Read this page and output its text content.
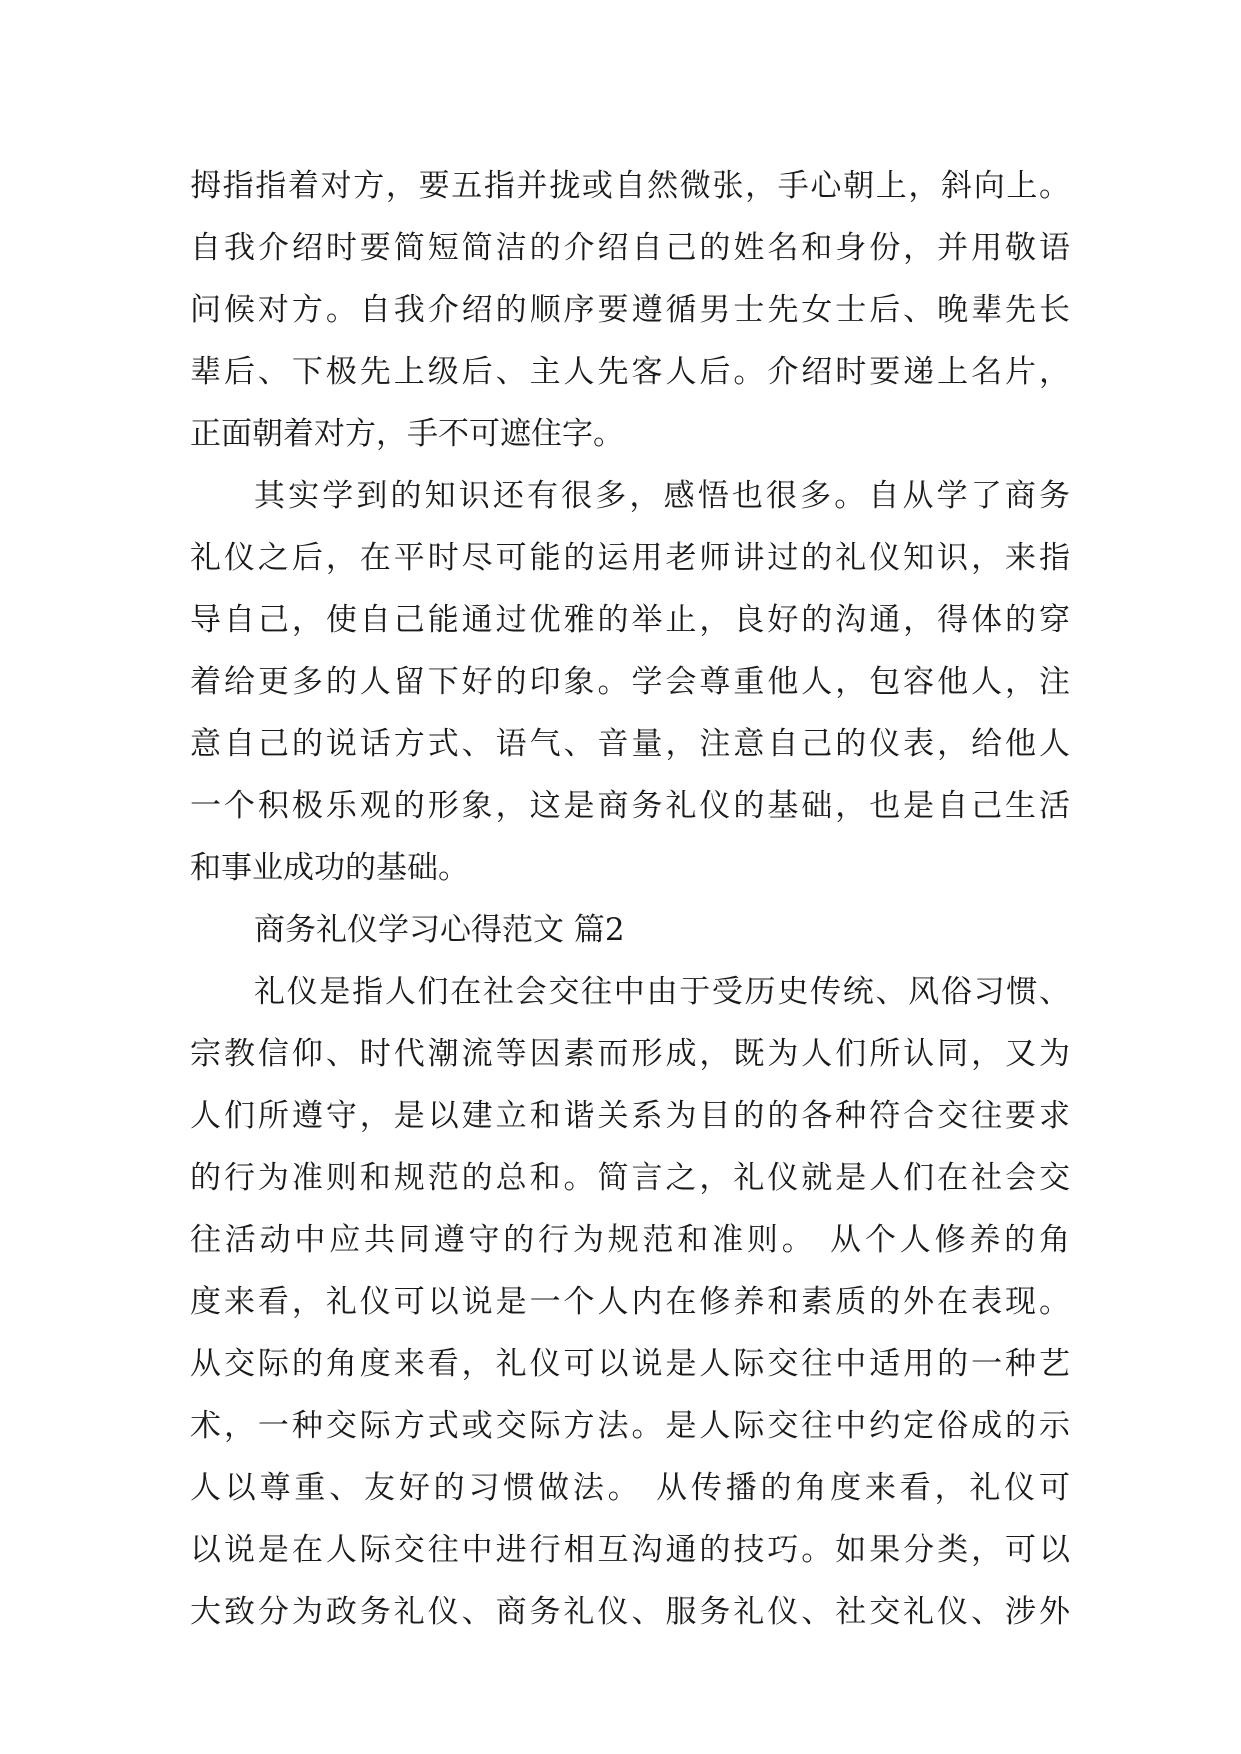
拇指指着对方，要五指并拢或自然微张，手心朝上，斜向上。
自我介绍时要简短简洁的介绍自己的姓名和身份，并用敬语
问候对方。自我介绍的顺序要遵循男士先女士后、晚辈先长
辈后、下极先上级后、主人先客人后。介绍时要递上名片，
正面朝着对方，手不可遮住字。
其实学到的知识还有很多，感悟也很多。自从学了商务
礼仪之后，在平时尽可能的运用老师讲过的礼仪知识，来指
导自己，使自己能通过优雅的举止，良好的沟通，得体的穿
着给更多的人留下好的印象。学会尊重他人，包容他人，注
意自己的说话方式、语气、音量，注意自己的仪表，给他人
一个积极乐观的形象，这是商务礼仪的基础，也是自己生活
和事业成功的基础。
商务礼仪学习心得范文 篇2
礼仪是指人们在社会交往中由于受历史传统、风俗习惯、
宗教信仰、时代潮流等因素而形成，既为人们所认同，又为
人们所遵守，是以建立和谐关系为目的的各种符合交往要求
的行为准则和规范的总和。简言之，礼仪就是人们在社会交
往活动中应共同遵守的行为规范和准则。 从个人修养的角
度来看，礼仪可以说是一个人内在修养和素质的外在表现。
从交际的角度来看，礼仪可以说是人际交往中适用的一种艺
术，一种交际方式或交际方法。是人际交往中约定俗成的示
人以尊重、友好的习惯做法。 从传播的角度来看，礼仪可
以说是在人际交往中进行相互沟通的技巧。如果分类，可以
大致分为政务礼仪、商务礼仪、服务礼仪、社交礼仪、涉外
